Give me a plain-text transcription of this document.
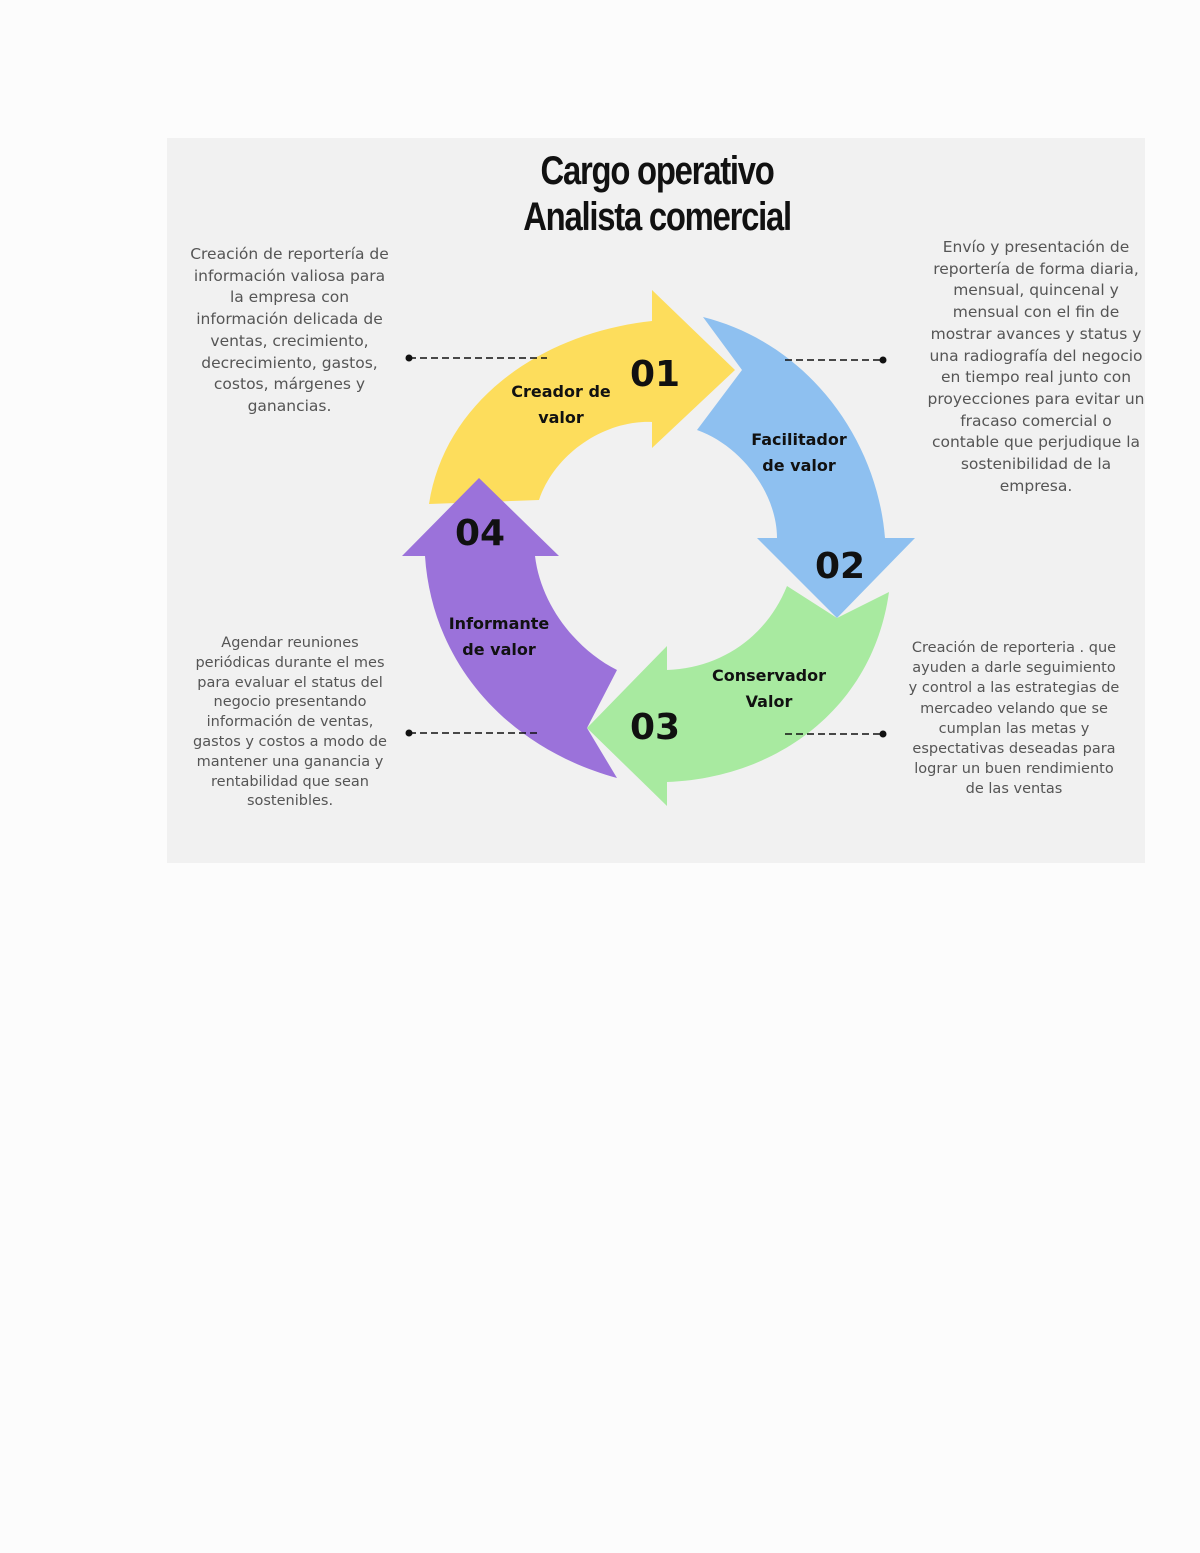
Cargo operativo
Analista comercial
01
02
03
04
Creador de
valor
Facilitador
de valor
Conservador
Valor
Informante
de valor
Creación de reportería de información valiosa para la empresa con información delicada de ventas, crecimiento, decrecimiento, gastos, costos, márgenes y ganancias.
Envío y presentación de reportería de forma diaria, mensual, quincenal y mensual con el fin de mostrar avances y status y una radiografía del negocio en tiempo real junto con proyecciones para evitar un fracaso comercial o contable que perjudique la sostenibilidad de la empresa.
Creación de reporteria . que ayuden a darle seguimiento y control a las estrategias de mercadeo velando que se cumplan las metas y espectativas deseadas para lograr un buen rendimiento de las ventas
Agendar reuniones periódicas durante el mes para evaluar el status del negocio presentando información de ventas, gastos y costos a modo de mantener una ganancia y rentabilidad que sean sostenibles.
